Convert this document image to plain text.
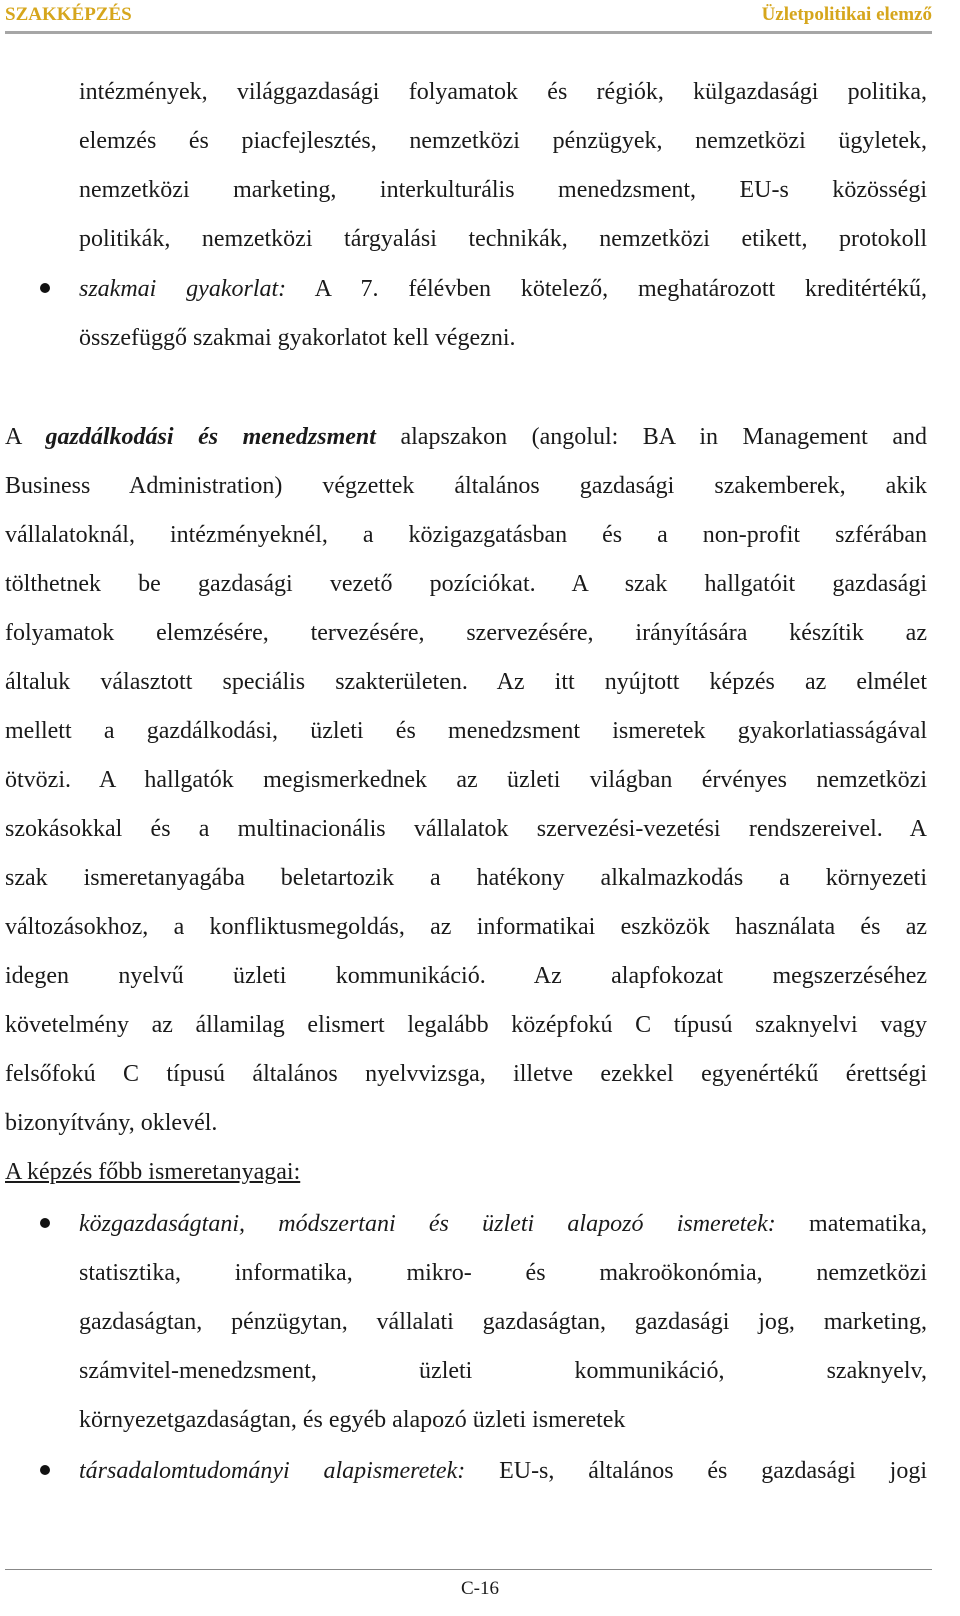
SZAKKÉPZÉS	Üzletpolitikai elemző
intézmények, világgazdasági folyamatok és régiók, külgazdasági politika,
elemzés és piacfejlesztés, nemzetközi pénzügyek, nemzetközi ügyletek,
nemzetközi marketing, interkulturális menedzsment, EU-s közösségi
politikák, nemzetközi tárgyalási technikák, nemzetközi etikett, protokoll
szakmai gyakorlat: A 7. félévben kötelező, meghatározott kreditértékű,
összefüggő szakmai gyakorlatot kell végezni.
A gazdálkodási és menedzsment alapszakon (angolul: BA in Management and
Business Administration) végzettek általános gazdasági szakemberek, akik
vállalatoknál, intézményeknél, a közigazgatásban és a non-profit szférában
tölthetnek be gazdasági vezető pozíciókat. A szak hallgatóit gazdasági
folyamatok elemzésére, tervezésére, szervezésére, irányítására készítik az
általuk választott speciális szakterületen. Az itt nyújtott képzés az elmélet
mellett a gazdálkodási, üzleti és menedzsment ismeretek gyakorlatiasságával
ötvözi. A hallgatók megismerkednek az üzleti világban érvényes nemzetközi
szokásokkal és a multinacionális vállalatok szervezési-vezetési rendszereivel. A
szak ismeretanyagába beletartozik a hatékony alkalmazkodás a környezeti
változásokhoz, a konfliktusmegoldás, az informatikai eszközök használata és az
idegen nyelvű üzleti kommunikáció. Az alapfokozat megszerzéséhez
követelmény az államilag elismert legalább középfokú C típusú szaknyelvi vagy
felsőfokú C típusú általános nyelvvizsga, illetve ezekkel egyenértékű érettségi
bizonyítvány, oklevél.
A képzés főbb ismeretanyagai:
közgazdaságtani, módszertani és üzleti alapozó ismeretek: matematika,
statisztika, informatika, mikro- és makroökonómia, nemzetközi
gazdaságtan, pénzügytan, vállalati gazdaságtan, gazdasági jog, marketing,
számvitel-menedzsment, üzleti kommunikáció, szaknyelv,
környezetgazdaságtan, és egyéb alapozó üzleti ismeretek
társadalomtudományi alapismeretek: EU-s, általános és gazdasági jogi
C-16
